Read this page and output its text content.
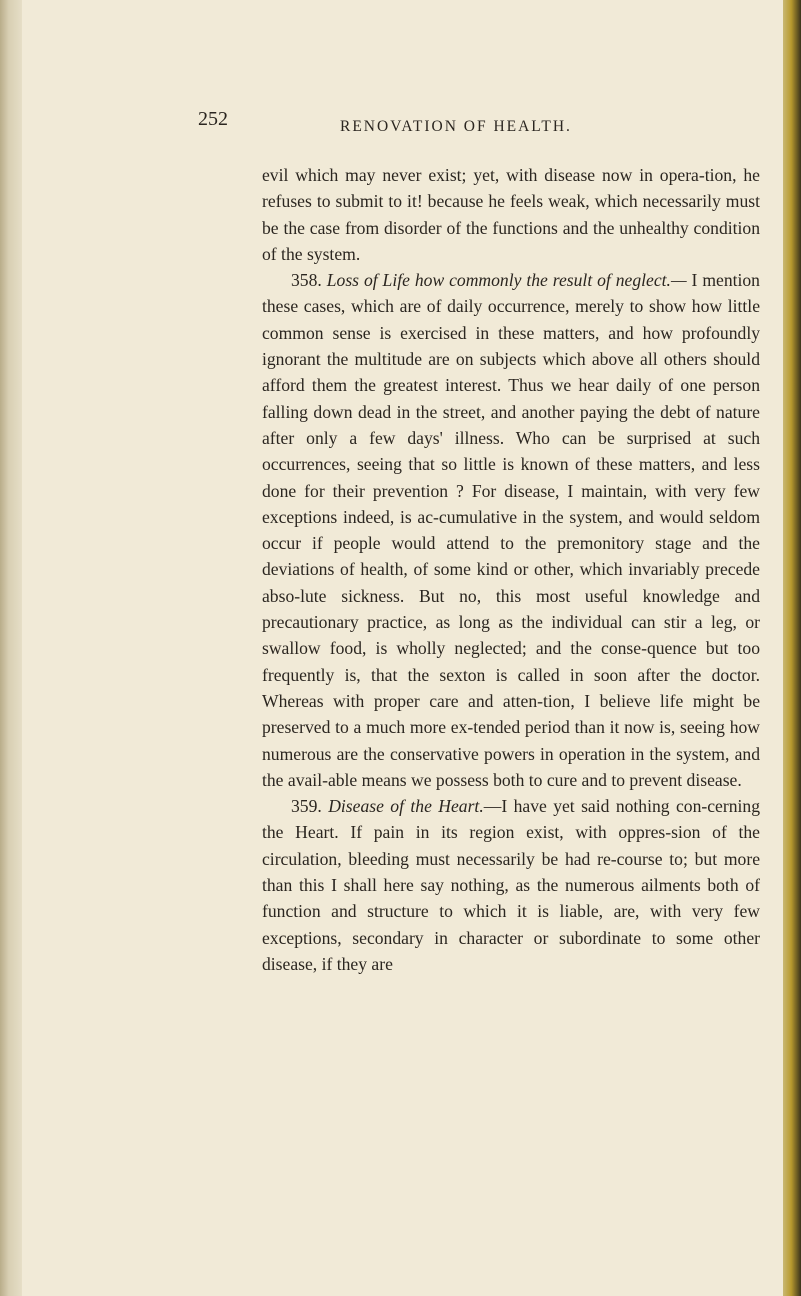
252	RENOVATION OF HEALTH.

evil which may never exist; yet, with disease now in opera-tion, he refuses to submit to it! because he feels weak, which necessarily must be the case from disorder of the functions and the unhealthy condition of the system.

358. Loss of Life how commonly the result of neglect.— I mention these cases, which are of daily occurrence, merely to show how little common sense is exercised in these matters, and how profoundly ignorant the multitude are on subjects which above all others should afford them the greatest interest. Thus we hear daily of one person falling down dead in the street, and another paying the debt of nature after only a few days' illness. Who can be surprised at such occurrences, seeing that so little is known of these matters, and less done for their prevention ? For disease, I maintain, with very few exceptions indeed, is ac-cumulative in the system, and would seldom occur if people would attend to the premonitory stage and the deviations of health, of some kind or other, which invariably precede abso-lute sickness. But no, this most useful knowledge and precautionary practice, as long as the individual can stir a leg, or swallow food, is wholly neglected; and the conse-quence but too frequently is, that the sexton is called in soon after the doctor. Whereas with proper care and atten-tion, I believe life might be preserved to a much more ex-tended period than it now is, seeing how numerous are the conservative powers in operation in the system, and the avail-able means we possess both to cure and to prevent disease.

359. Disease of the Heart.—I have yet said nothing con-cerning the Heart. If pain in its region exist, with oppres-sion of the circulation, bleeding must necessarily be had re-course to; but more than this I shall here say nothing, as the numerous ailments both of function and structure to which it is liable, are, with very few exceptions, secondary in character or subordinate to some other disease, if they are
